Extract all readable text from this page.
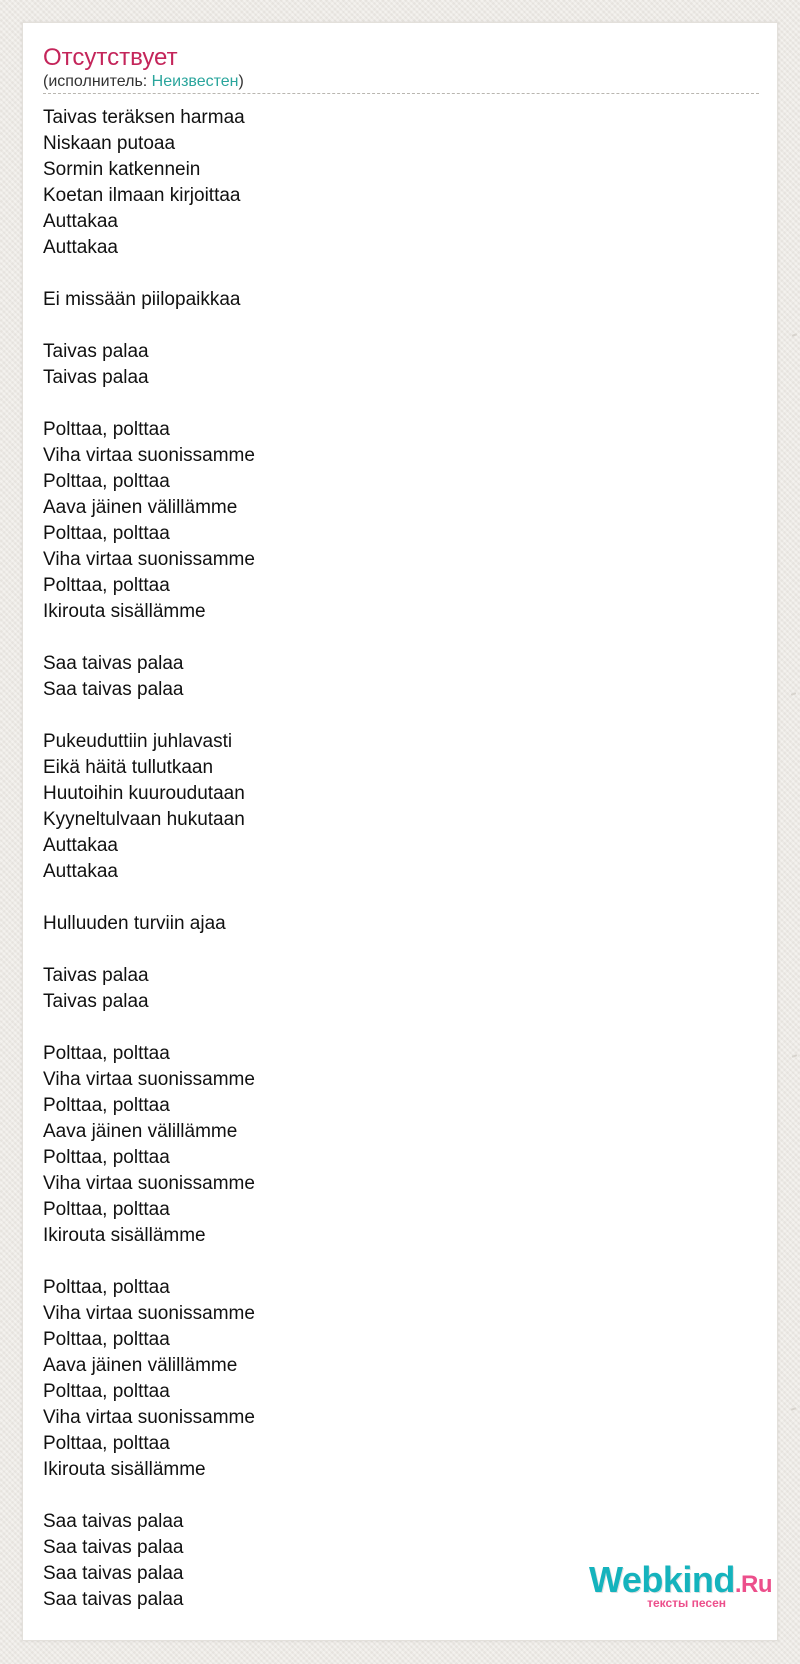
Отсутствует
(исполнитель: Неизвестен)
Taivas teräksen harmaa
Niskaan putoaa
Sormin katkennein
Koetan ilmaan kirjoittaa
Auttakaa
Auttakaa
Ei missään piilopaikkaa
Taivas palaa
Taivas palaa
Polttaa, polttaa
Viha virtaa suonissamme
Polttaa, polttaa
Aava jäinen välillämme
Polttaa, polttaa
Viha virtaa suonissamme
Polttaa, polttaa
Ikirouta sisällämme
Saa taivas palaa
Saa taivas palaa
Pukeuduttiin juhlavasti
Eikä häitä tullutkaan
Huutoihin kuuroudutaan
Kyyneltulvaan hukutaan
Auttakaa
Auttakaa
Hulluuden turviin ajaa
Taivas palaa
Taivas palaa
Polttaa, polttaa
Viha virtaa suonissamme
Polttaa, polttaa
Aava jäinen välillämme
Polttaa, polttaa
Viha virtaa suonissamme
Polttaa, polttaa
Ikirouta sisällämme
Polttaa, polttaa
Viha virtaa suonissamme
Polttaa, polttaa
Aava jäinen välillämme
Polttaa, polttaa
Viha virtaa suonissamme
Polttaa, polttaa
Ikirouta sisällämme
Saa taivas palaa
Saa taivas palaa
Saa taivas palaa
Saa taivas palaa	Webkind.Ru
тексты песен
